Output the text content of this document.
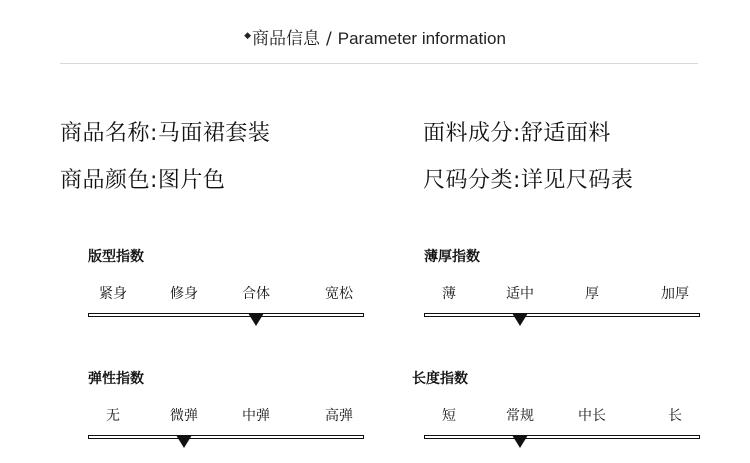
◆商品信息 / Parameter information
商品名称:马面裙套装	面料成分:舒适面料
商品颜色:图片色	尺码分类:详见尺码表
版型指数
紧身	修身	合体	宽松
薄厚指数
薄	适中	厚	加厚
弹性指数
无	微弹	中弹	高弹
长度指数
短	常规	中长	长
